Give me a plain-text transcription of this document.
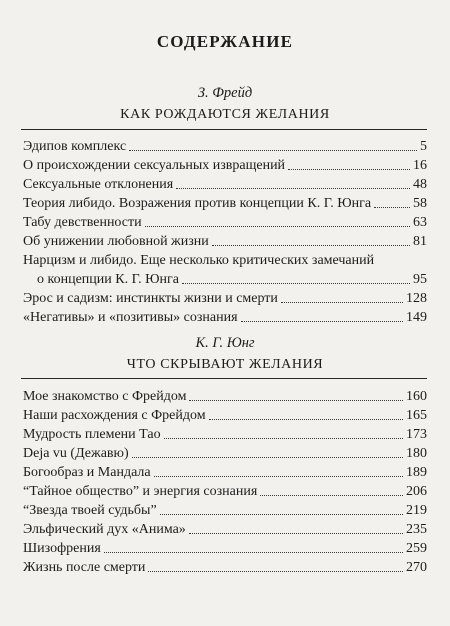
СОДЕРЖАНИЕ
З. Фрейд
КАК РОЖДАЮТСЯ ЖЕЛАНИЯ
Эдипов комплекс	5
О происхождении сексуальных извращений	16
Сексуальные отклонения	48
Теория либидо. Возражения против концепции К. Г. Юнга	58
Табу девственности	63
Об унижении любовной жизни	81
Нарцизм и либидо. Еще несколько критических замечаний
о концепции К. Г. Юнга	95
Эрос и садизм: инстинкты жизни и смерти	128
«Негативы» и «позитивы» сознания	149
К. Г. Юнг
ЧТО СКРЫВАЮТ ЖЕЛАНИЯ
Мое знакомство с Фрейдом	160
Наши расхождения с Фрейдом	165
Мудрость племени Тао	173
Deja vu (Дежавю)	180
Богообраз и Мандала	189
“Тайное общество” и энергия сознания	206
“Звезда твоей судьбы”	219
Эльфический дух «Анима»	235
Шизофрения	259
Жизнь после смерти	270
